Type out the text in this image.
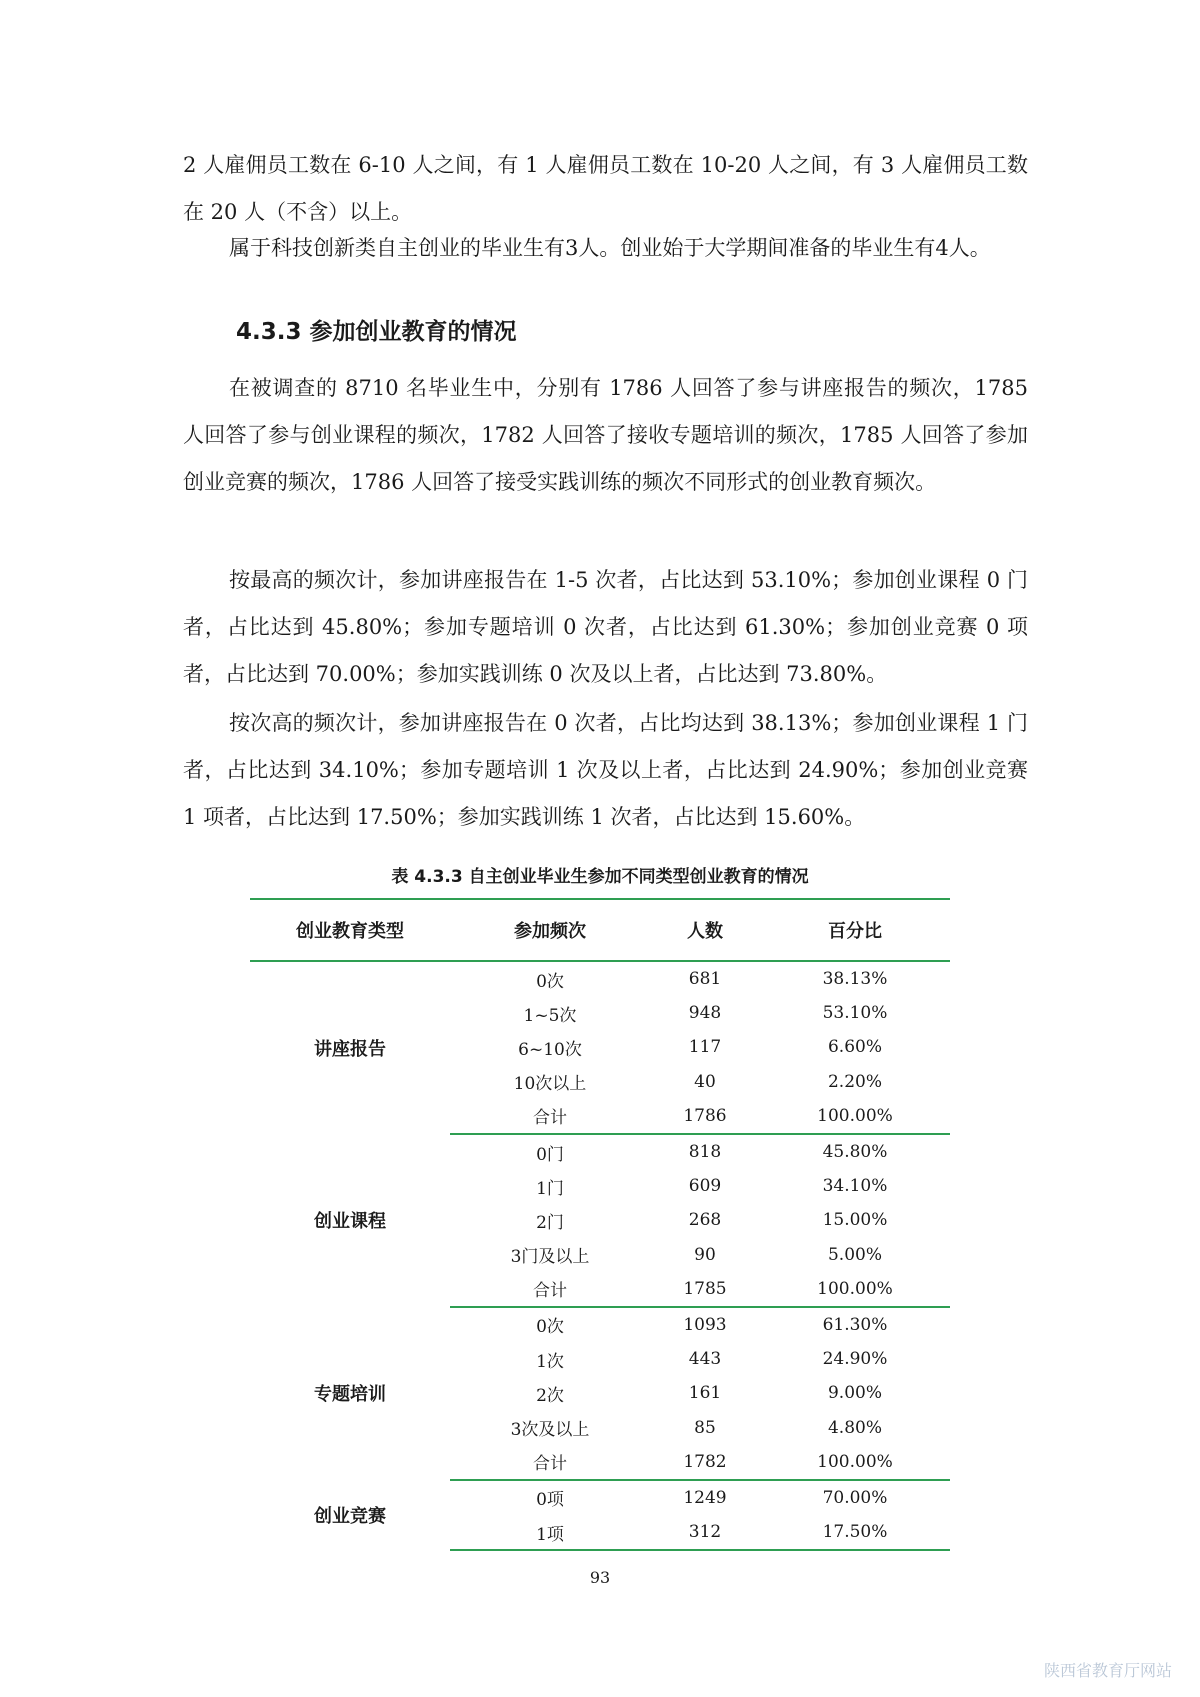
2 人雇佣员工数在 6-10 人之间，有 1 人雇佣员工数在 10-20 人之间，有 3 人雇佣员工数在 20 人（不含）以上。

属于科技创新类自主创业的毕业生有3人。创业始于大学期间准备的毕业生有4人。

4.3.3 参加创业教育的情况

在被调查的 8710 名毕业生中，分别有 1786 人回答了参与讲座报告的频次，1785 人回答了参与创业课程的频次，1782 人回答了接收专题培训的频次，1785 人回答了参加创业竞赛的频次，1786 人回答了接受实践训练的频次不同形式的创业教育频次。

按最高的频次计，参加讲座报告在 1-5 次者，占比达到 53.10%；参加创业课程 0 门者，占比达到 45.80%；参加专题培训 0 次者，占比达到 61.30%；参加创业竞赛 0 项者，占比达到 70.00%；参加实践训练 0 次及以上者，占比达到 73.80%。

按次高的频次计，参加讲座报告在 0 次者，占比均达到 38.13%；参加创业课程 1 门者，占比达到 34.10%；参加专题培训 1 次及以上者，占比达到 24.90%；参加创业竞赛 1 项者，占比达到 17.50%；参加实践训练 1 次者，占比达到 15.60%。

表 4.3.3 自主创业毕业生参加不同类型创业教育的情况
创业教育类型	参加频次	人数	百分比
讲座报告	0次	681	38.13%
	1~5次	948	53.10%
	6~10次	117	6.60%
	10次以上	40	2.20%
	合计	1786	100.00%
创业课程	0门	818	45.80%
	1门	609	34.10%
	2门	268	15.00%
	3门及以上	90	5.00%
	合计	1785	100.00%
专题培训	0次	1093	61.30%
	1次	443	24.90%
	2次	161	9.00%
	3次及以上	85	4.80%
	合计	1782	100.00%
创业竞赛	0项	1249	70.00%
	1项	312	17.50%
93
陕西省教育厅网站
